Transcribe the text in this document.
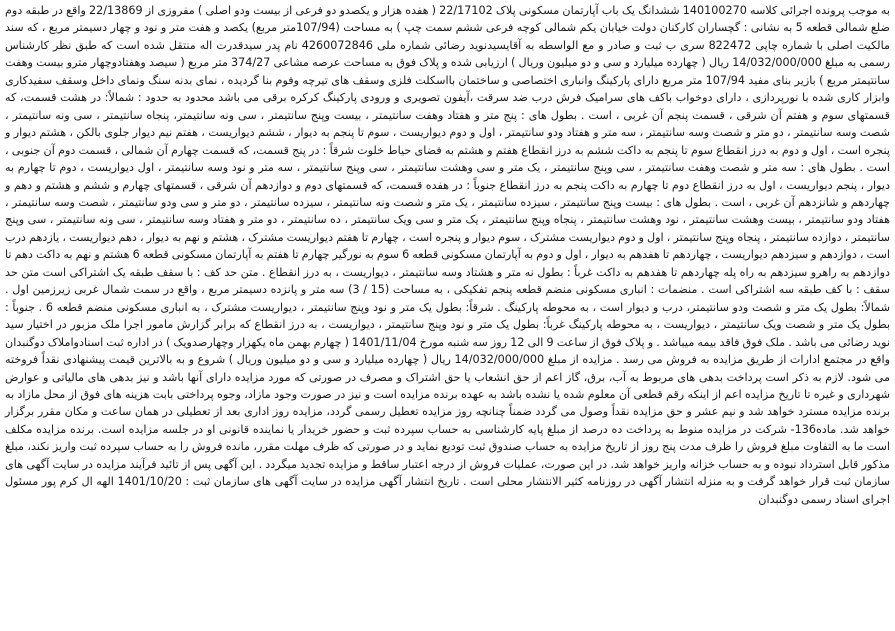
به موجب پرونده اجرائی کلاسه 140100270 ششدانگ یک باب آپارتمان مسکونی پلاک 22/17102 ( هفده هزار و یکصدو دو فرعی از بیست ودو اصلی ) مفروزی از 22/13869 واقع در طبقه دوم ضلع شمالی قطعه 5 به نشانی : گچساران کارکنان دولت خیابان یکم شمالی کوچه فرعی ششم سمت چپ ) به مساحت (107/94متر مربع) یکصد و هفت متر و نود و چهار دسیمتر مربع ، که سند مالکیت اصلی با شماره چاپی 822472 سری ب ثبت و صادر و مع الواسطه به آقایسیدنوید رضائی شماره ملی 4260072846 نام پدر سیدقدرت اله منتقل شده است که طبق نظر کارشناس رسمی به مبلغ 14/032/000/000 ریال ( چهارده میلیارد و سی و دو میلیون وریال ) ارزیابی شده و پلاک فوق به مساحت عرصه مشاعی 374/27 متر مربع ( سیصد وهفتادوچهار مترو بیست وهفت سانتیمتر مربع ) بازیر بنای مفید 107/94 متر مربع دارای پارکینگ وانباری اختصاصی و ساختمان بااسکلت فلزی وسقف های تیرچه وفوم بنا گردیده ، نمای بدنه سنگ ونمای داخل وسقف سفیدکاری وابزار کاری شده با نورپردازی ، دارای دوخواب باکف های سرامیک فرش درب ضد سرقت ،آیفون تصویری و ورودی پارکینگ کرکره برقی می باشد محدود به حدود : شمالاً: در هشت قسمت، که قسمتهای سوم و هفتم آن شرقی ، قسمت پنجم آن غربی ، است . بطول های : پنج متر و هفتاد وهفت سانتیمتر ، بیست وپنج سانتیمتر ، سی ونه سانتیمتر، پنجاه سانتیمتر ، سی ونه سانتیمتر ، شصت وسه سانتیمتر ، دو متر و شصت وسه سانتیمتر ، سه متر و هفتاد ودو سانتیمتر ، اول و دوم دیواریست ، سوم تا پنجم به دیوار ، ششم دیواریست ، هفتم نیم دیوار جلوی بالکن ، هشتم دیوار و پنجره است ، اول و دوم به درز انقطاع سوم تا پنجم به داکت ششم به درز انقطاع هفتم و هشتم به فضای حیاط خلوت شرقاً : در پنج قسمت، که قسمت چهارم آن شمالی ، قسمت دوم آن جنوبی ، است . بطول های : سه متر و شصت وهفت سانتیمتر ، سی وپنج سانتیمتر ، یک متر و سی وهشت سانتیمتر ، سی وپنج سانتیمتر ، سه متر و نود وسه سانتیمتر ، اول دیواریست ، دوم تا چهارم به دیوار ، پنجم دیواریست ، اول به درز انقطاع دوم تا چهارم به داکت پنجم به درز انقطاع جنوباً : در هفده قسمت، که قسمتهای دوم و دوازدهم آن شرقی ، قسمتهای چهارم و ششم و هشتم و دهم و چهاردهم و شانزدهم آن غربی ، است . بطول های : بیست وپنج سانتیمتر ، سیزده سانتیمتر ، یک متر و شصت ونه سانتیمتر ، سیزده سانتیمتر ، دو متر و سی ودو سانتیمتر ، شصت وسه سانتیمتر ، هفتاد ودو سانتیمتر ، بیست وهشت سانتیمتر ، نود وهشت سانتیمتر ، پنجاه وپنج سانتیمتر ، یک متر و سی ویک سانتیمتر ، ده سانتیمتر ، دو متر و هفتاد وسه سانتیمتر ، سی ونه سانتیمتر ، سی وپنج سانتیمتر ، دوازده سانتیمتر ، پنجاه وپنج سانتیمتر ، اول و دوم دیواریست مشترک ، سوم دیوار و پنجره است ، چهارم تا هفتم دیواریست مشترک ، هشتم و نهم به دیوار ، دهم دیواریست ، یازدهم درب است ، دوازدهم و سیزدهم دیواریست ، چهاردهم تا هفدهم به دیوار ، اول و دوم به آپارتمان مسکونی قطعه 6 سوم به نورگیر چهارم تا هفتم به آپارتمان مسکونی قطعه 6 هشتم و نهم به داکت دهم تا دوازدهم به راهرو سیزدهم به راه پله چهاردهم تا هفدهم به داکت غرباً : بطول نه متر و هشتاد وسه سانتیمتر ، دیواریست ، به درز انقطاع . متن حد کف : با سقف طبقه یک اشتراکی است متن حد سقف : با کف طبقه سه اشتراکی است . منضمات : انباری مسکونی منضم قطعه پنجم تفکیکی ، به مساحت (15 / 3) سه متر و پانزده دسیمتر مربع ، واقع در سمت شمال غربی زیرزمین اول . شمالاً: بطول یک متر و شصت ودو سانتیمتر، درب و دیوار است ، به محوطه پارکینگ . شرقاً: بطول یک متر و نود وپنج سانتیمتر ، دیواریست مشترک ، به انباری مسکونی منضم قطعه 6 . جنوباً : بطول یک متر و شصت ویک سانتیمتر ، دیواریست ، به محوطه پارکینگ غرباً: بطول یک متر و نود وپنج سانتیمتر ، دیواریست ، به درز انقطاع که برابر گزارش مامور اجرا ملک مزبور در اختیار سید نوید رضائی می باشد . ملک فوق فاقد بیمه میباشد . و پلاک فوق از ساعت 9 الی 12 روز سه شنبه مورخ 1401/11/04 ( چهارم بهمن ماه یکهزار وچهارصدویک ) در اداره ثبت اسنادواملاک دوگنبدان واقع در مجتمع ادارات از طریق مزایده به فروش می رسد . مزایده از مبلغ 14/032/000/000 ریال ( چهارده میلیارد و سی و دو میلیون وریال ) شروع و به بالاترین قیمت پیشنهادی نقداً فروخته می شود. لازم به ذکر است پرداخت بدهی های مربوط به آب، برق، گاز اعم از حق انشعاب یا حق اشتراک و مصرف در صورتی که مورد مزایده دارای آنها باشد و نیز بدهی های مالیاتی و عوارض شهرداری و غیره تا تاریخ مزایده اعم از اینکه رقم قطعی آن معلوم شده یا نشده باشد به عهده برنده مزایده است و نیز در صورت وجود مازاد، وجوه پرداختی بابت هزینه های فوق از محل مازاد به برنده مزایده مسترد خواهد شد و نیم عشر و حق مزایده نقداً وصول می گردد ضمناً چنانچه روز مزایده تعطیل رسمی گردد، مزایده روز اداری بعد از تعطیلی در همان ساعت و مکان مقرر برگزار خواهد شد. ماده136- شرکت در مزایده منوط به پرداخت ده درصد از مبلغ پایه کارشناسی به حساب سپرده ثبت و حضور خریدار یا نماینده قانونی او در جلسه مزایده است. برنده مزایده مکلف است ما به التفاوت مبلغ فروش را ظرف مدت پنج روز از تاریخ مزایده به حساب صندوق ثبت تودیع نماید و در صورتی که ظرف مهلت مقرر، مانده فروش را به حساب سپرده ثبت واریز نکند، مبلغ مذکور قابل استرداد نبوده و به حساب خزانه واریز خواهد شد. در این صورت، عملیات فروش از درجه اعتبار ساقط و مزایده تجدید میگردد . این آگهی پس از تائید فرآیند مزایده در سایت آگهی های سازمان ثبت قرار خواهد گرفت و به منزله انتشار آگهی در روزنامه کثیر الانتشار محلی است . تاریخ انتشار آگهی مزایده در سایت آگهی های سازمان ثبت : 1401/10/20 الهه ال کرم پور مسئول اجرای اسناد رسمی دوگنبدان
